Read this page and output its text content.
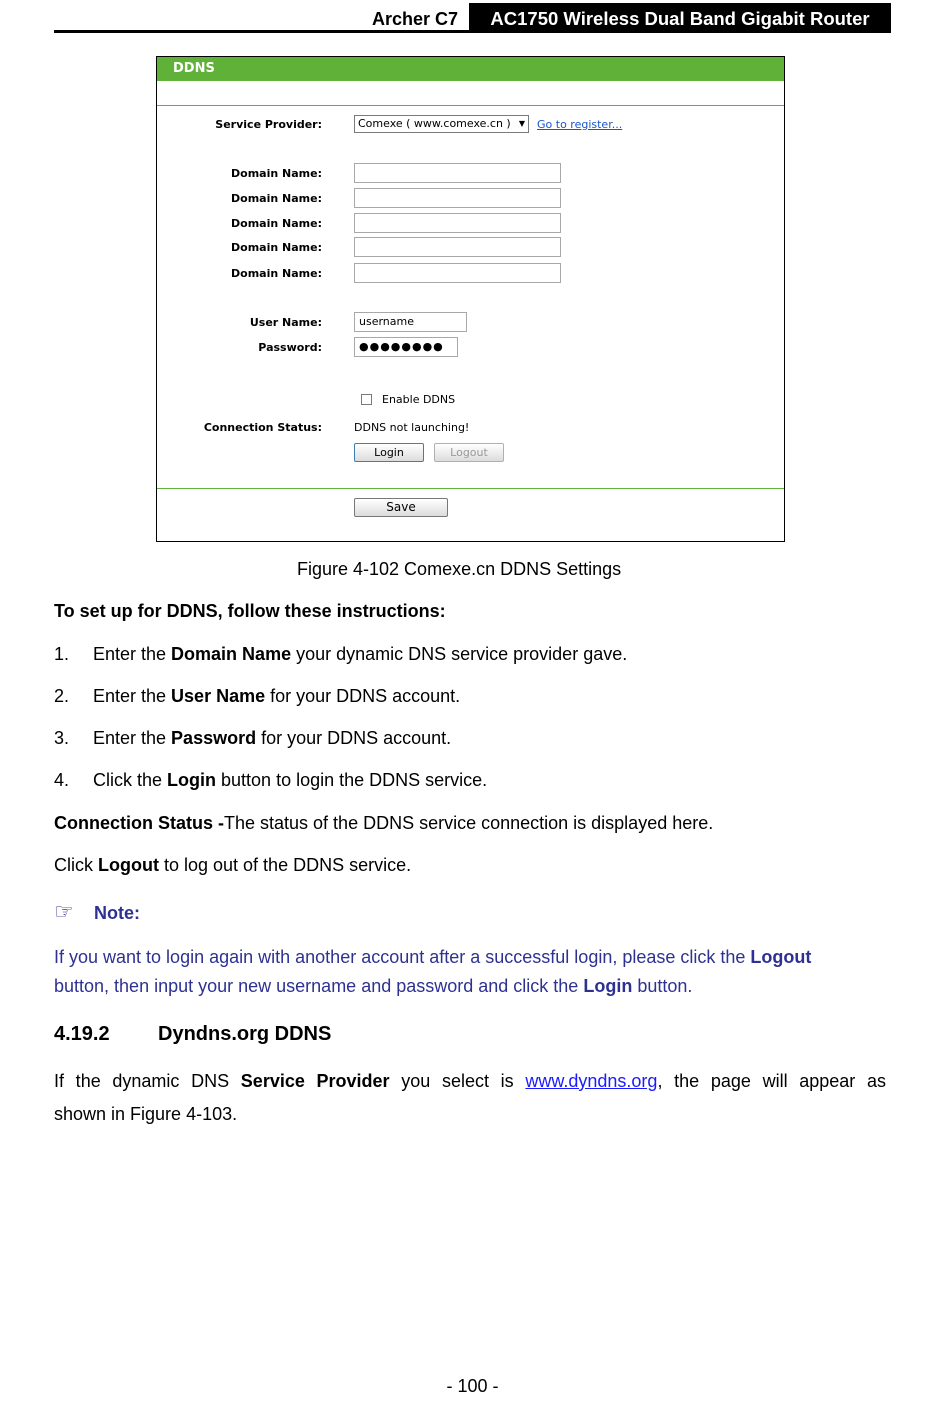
Archer C7	AC1750 Wireless Dual Band Gigabit Router
DDNS
Service Provider:	Comexe ( www.comexe.cn ) ▼ Go to register...
Domain Name:
Domain Name:
Domain Name:
Domain Name:
Domain Name:
User Name:	username
Password:	●●●●●●●●
Enable DDNS
Connection Status:	DDNS not launching!
Login	Logout
Save
Figure 4-102 Comexe.cn DDNS Settings
To set up for DDNS, follow these instructions:
1. Enter the Domain Name your dynamic DNS service provider gave.
2. Enter the User Name for your DDNS account.
3. Enter the Password for your DDNS account.
4. Click the Login button to login the DDNS service.
Connection Status -The status of the DDNS service connection is displayed here.
Click Logout to log out of the DDNS service.
☞ Note:
If you want to login again with another account after a successful login, please click the Logout
button, then input your new username and password and click the Login button.
4.19.2 Dyndns.org DDNS
If the dynamic DNS Service Provider you select is www.dyndns.org, the page will appear as
shown in Figure 4-103.
- 100 -
